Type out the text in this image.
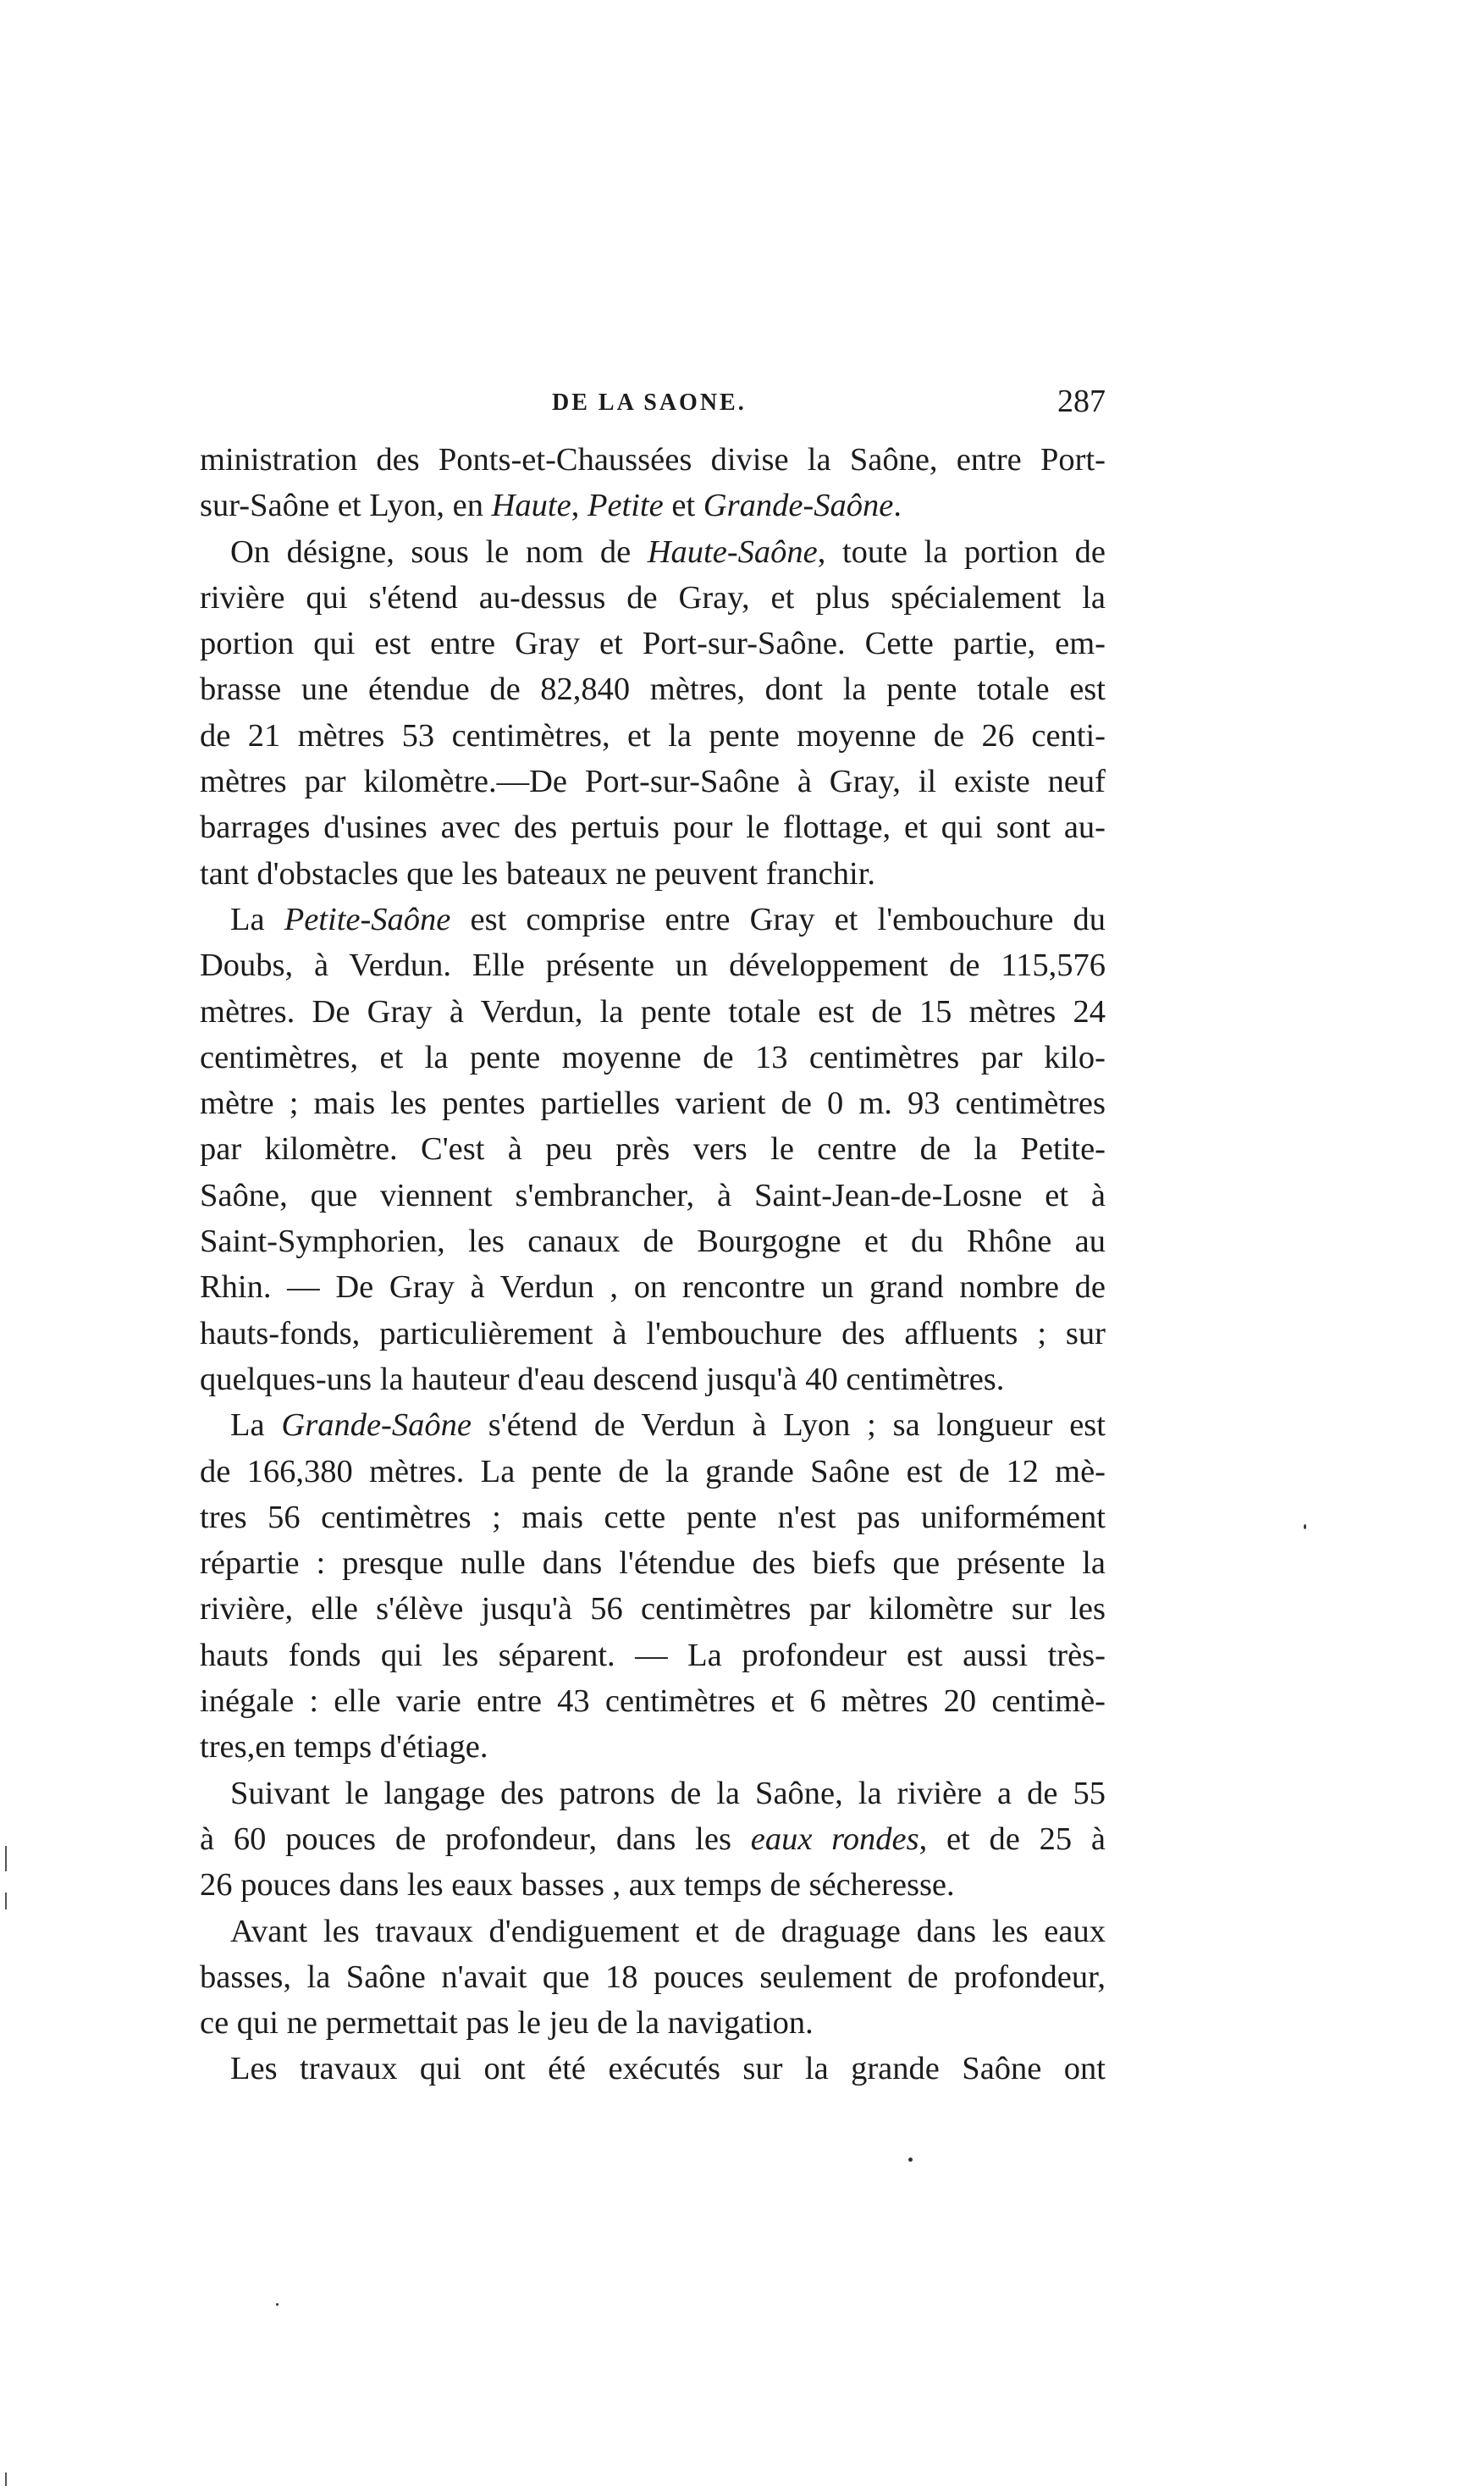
DE LA SAONE.	287
ministration des Ponts-et-Chaussées divise la Saône, entre Port-
sur-Saône et Lyon, en Haute, Petite et Grande-Saône.
On désigne, sous le nom de Haute-Saône, toute la portion de
rivière qui s'étend au-dessus de Gray, et plus spécialement la
portion qui est entre Gray et Port-sur-Saône. Cette partie, em-
brasse une étendue de 82,840 mètres, dont la pente totale est
de 21 mètres 53 centimètres, et la pente moyenne de 26 centi-
mètres par kilomètre.—De Port-sur-Saône à Gray, il existe neuf
barrages d'usines avec des pertuis pour le flottage, et qui sont au-
tant d'obstacles que les bateaux ne peuvent franchir.
La Petite-Saône est comprise entre Gray et l'embouchure du
Doubs, à Verdun. Elle présente un développement de 115,576
mètres. De Gray à Verdun, la pente totale est de 15 mètres 24
centimètres, et la pente moyenne de 13 centimètres par kilo-
mètre ; mais les pentes partielles varient de 0 m. 93 centimètres
par kilomètre. C'est à peu près vers le centre de la Petite-
Saône, que viennent s'embrancher, à Saint-Jean-de-Losne et à
Saint-Symphorien, les canaux de Bourgogne et du Rhône au
Rhin. — De Gray à Verdun , on rencontre un grand nombre de
hauts-fonds, particulièrement à l'embouchure des affluents ; sur
quelques-uns la hauteur d'eau descend jusqu'à 40 centimètres.
La Grande-Saône s'étend de Verdun à Lyon ; sa longueur est
de 166,380 mètres. La pente de la grande Saône est de 12 mè-
tres 56 centimètres ; mais cette pente n'est pas uniformément
répartie : presque nulle dans l'étendue des biefs que présente la
rivière, elle s'élève jusqu'à 56 centimètres par kilomètre sur les
hauts fonds qui les séparent. — La profondeur est aussi très-
inégale : elle varie entre 43 centimètres et 6 mètres 20 centimè-
tres,en temps d'étiage.
Suivant le langage des patrons de la Saône, la rivière a de 55
à 60 pouces de profondeur, dans les eaux rondes, et de 25 à
26 pouces dans les eaux basses , aux temps de sécheresse.
Avant les travaux d'endiguement et de draguage dans les eaux
basses, la Saône n'avait que 18 pouces seulement de profondeur,
ce qui ne permettait pas le jeu de la navigation.
Les travaux qui ont été exécutés sur la grande Saône ont
